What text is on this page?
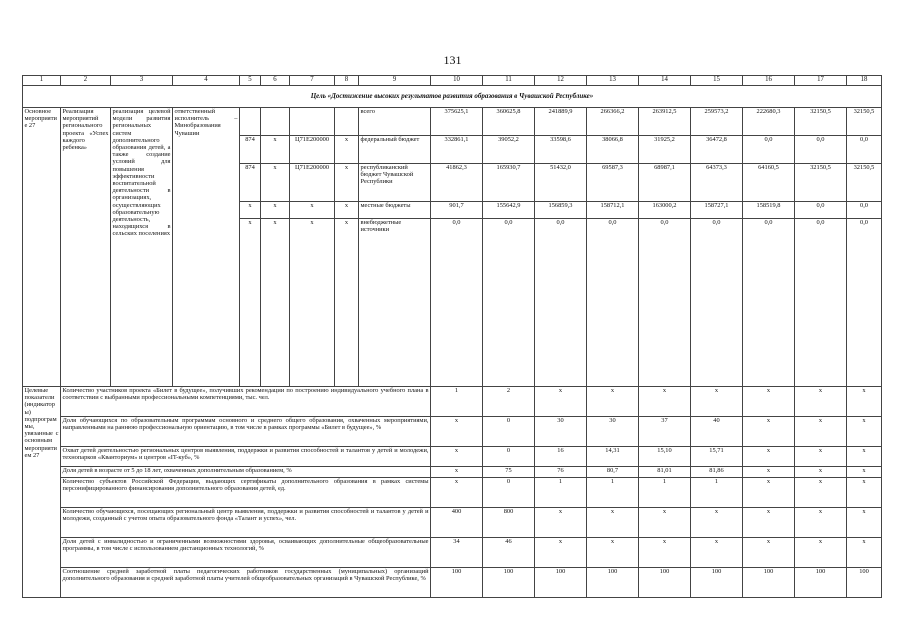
131
1	2	3	4	5	6	7	8	9	10	11	12	13	14	15	16	17	18
Цель «Достижение высоких результатов развития образования в Чувашской Республике»																	
Основное мероприятие 27	Реализация мероприятий регионального проекта «Успех каждого ребенка»	реализация целевой модели развития региональных систем дополнительного образования детей, а также создание условий для повышения эффективности воспитательной деятельности в организациях, осуществляющих образовательную деятельность, находящихся в сельских поселениях	ответственный исполнитель – Минобразования Чувашии					всего	375625,1	360625,8	241889,9	266366,2	263912,5	259573,2	222680,3	32150,5	32150,5
				874	x	Ц71Е200000	x	федеральный бюджет	332861,1	39052,2	33598,6	38066,8	31925,2	36472,8	0,0	0,0	0,0
				874	x	Ц71Е200000	x	республиканский бюджет Чувашской Республики	41862,3	165930,7	51432,0	69587,3	68987,1	64373,3	64160,5	32150,5	32150,5
				x	x	x	x	местные бюджеты	901,7	155642,9	156859,3	158712,1	163000,2	158727,1	158519,8	0,0	0,0
				x	x	x	x	внебюджетные источники	0,0	0,0	0,0	0,0	0,0	0,0	0,0	0,0	0,0
Целевые показатели (индикаторы) подпрограммы, увязанные с основным мероприятием 27	Количество участников проекта «Билет в будущее», получивших рекомендации по построению индивидуального учебного плана в соответствии с выбранными профессиональными компетенциями, тыс. чел.								1	2	x	x	x	x	x	x	x
	Доля обучающихся по образовательным программам основного и среднего общего образования, охваченных мероприятиями, направленными на раннюю профессиональную ориентацию, в том числе в рамках программы «Билет в будущее», %								x	0	30	30	37	40	x	x	x
	Охват детей деятельностью региональных центров выявления, поддержки и развития способностей и талантов у детей и молодежи, технопарков «Кванториум» и центров «IT-куб», %								x	0	16	14,31	15,10	15,71	x	x	x
	Доля детей в возрасте от 5 до 18 лет, охваченных дополнительным образованием, %								x	75	76	80,7	81,01	81,86	x	x	x
	Количество субъектов Российской Федерации, выдающих сертификаты дополнительного образования в рамках системы персонифицированного финансирования дополнительного образования детей, ед.								x	0	1	1	1	1	x	x	x
	Количество обучающихся, посещающих региональный центр выявления, поддержки и развития способностей и талантов у детей и молодежи, созданный с учетом опыта образовательного фонда «Талант и успех», чел.								400	800	x	x	x	x	x	x	x
	Доля детей с инвалидностью и ограниченными возможностями здоровья, осваивающих дополнительные общеобразовательные программы, в том числе с использованием дистанционных технологий, %								34	46	x	x	x	x	x	x	x
	Соотношение средней заработной платы педагогических работников государственных (муниципальных) организаций дополнительного образования и средней заработной платы учителей общеобразовательных организаций в Чувашской Республике, %								100	100	100	100	100	100	100	100	100
